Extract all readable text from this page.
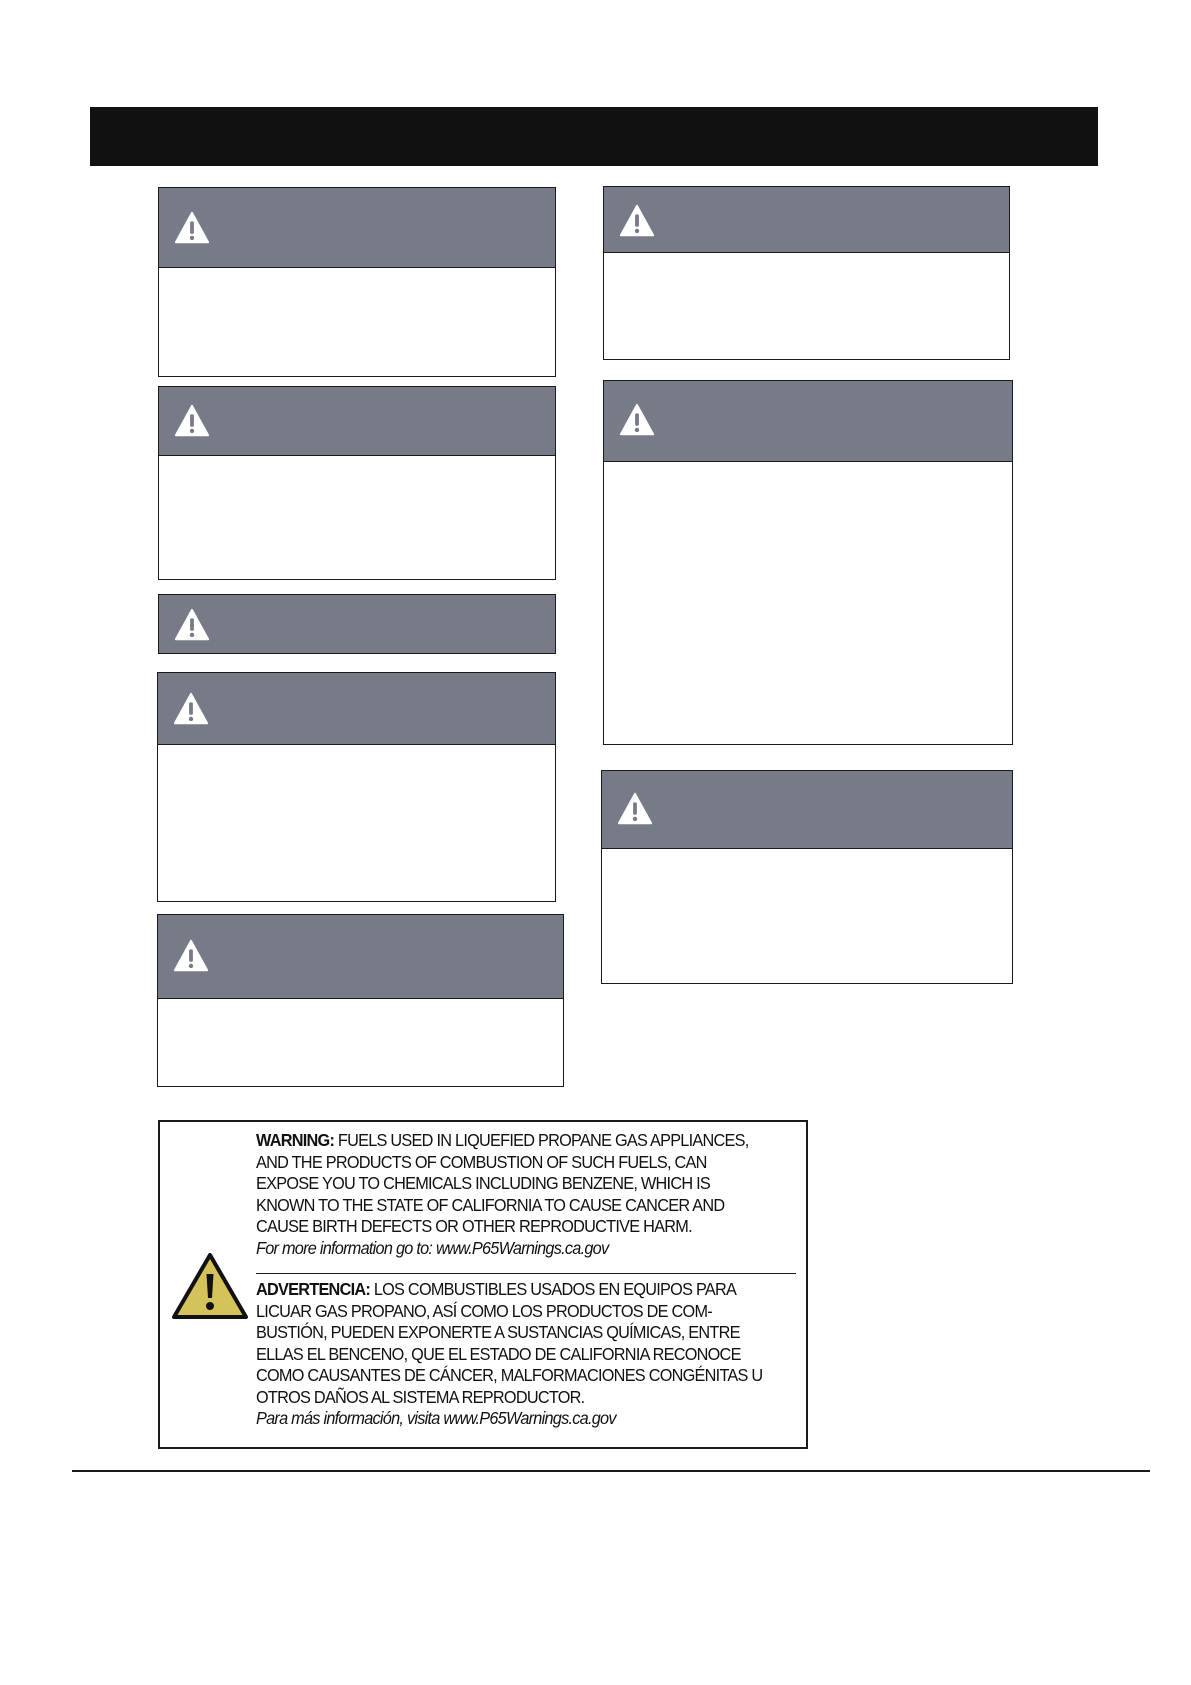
WARNING: FUELS USED IN LIQUEFIED PROPANE GAS APPLIANCES, AND THE PRODUCTS OF COMBUSTION OF SUCH FUELS, CAN EXPOSE YOU TO CHEMICALS INCLUDING BENZENE, WHICH IS KNOWN TO THE STATE OF CALIFORNIA TO CAUSE CANCER AND CAUSE BIRTH DEFECTS OR OTHER REPRODUCTIVE HARM.
For more information go to: www.P65Warnings.ca.gov
ADVERTENCIA: LOS COMBUSTIBLES USADOS EN EQUIPOS PARA LICUAR GAS PROPANO, ASÍ COMO LOS PRODUCTOS DE COM-BUSTIÓN, PUEDEN EXPONERTE A SUSTANCIAS QUÍMICAS, ENTRE ELLAS EL BENCENO, QUE EL ESTADO DE CALIFORNIA RECONOCE COMO CAUSANTES DE CÁNCER, MALFORMACIONES CONGÉNITAS U OTROS DAÑOS AL SISTEMA REPRODUCTOR.
Para más información, visita www.P65Warnings.ca.gov
